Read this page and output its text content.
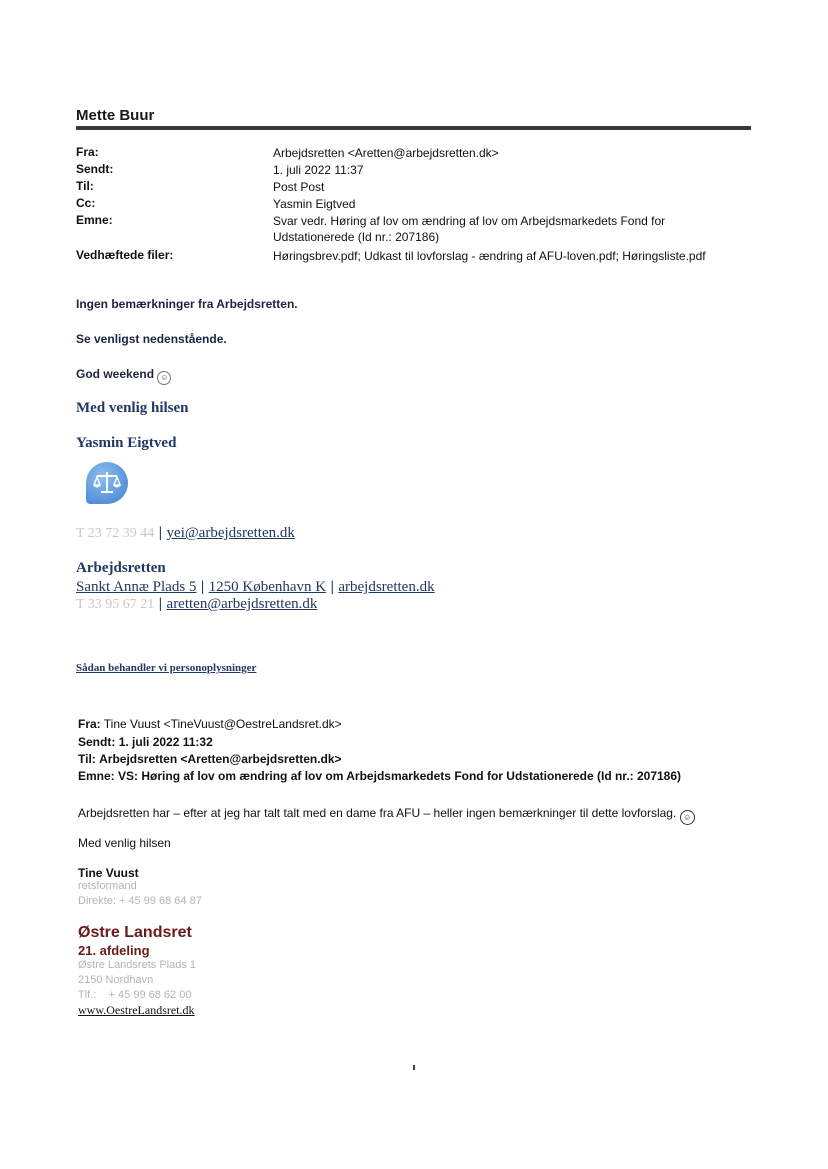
Mette Buur
Fra:	Arbejdsretten <Aretten@arbejdsretten.dk>
Sendt:	1. juli 2022 11:37
Til:	Post Post
Cc:	Yasmin Eigtved
Emne:	Svar vedr. Høring af lov om ændring af lov om Arbejdsmarkedets Fond for Udstationerede (Id nr.: 207186)
Vedhæftede filer:	Høringsbrev.pdf; Udkast til lovforslag - ændring af AFU-loven.pdf; Høringsliste.pdf
Ingen bemærkninger fra Arbejdsretten.
Se venligst nedenstående.
God weekend ☺
Med venlig hilsen
Yasmin Eigtved
T 23 72 39 44 | yei@arbejdsretten.dk
Arbejdsretten
Sankt Annæ Plads 5 | 1250 København K | arbejdsretten.dk
T 33 95 67 21 | aretten@arbejdsretten.dk
Sådan behandler vi personoplysninger
Fra: Tine Vuust <TineVuust@OestreLandsret.dk>
Sendt: 1. juli 2022 11:32
Til: Arbejdsretten <Aretten@arbejdsretten.dk>
Emne: VS: Høring af lov om ændring af lov om Arbejdsmarkedets Fond for Udstationerede (Id nr.: 207186)
Arbejdsretten har – efter at jeg har talt talt med en dame fra AFU – heller ingen bemærkninger til dette lovforslag. ☺
Med venlig hilsen
Tine Vuust
retsformand
Direkte: + 45 99 68 64 87
Østre Landsret
21. afdeling
Østre Landsrets Plads 1
2150 Nordhavn
Tlf.:    + 45 99 68 62 00
www.OestreLandsret.dk
